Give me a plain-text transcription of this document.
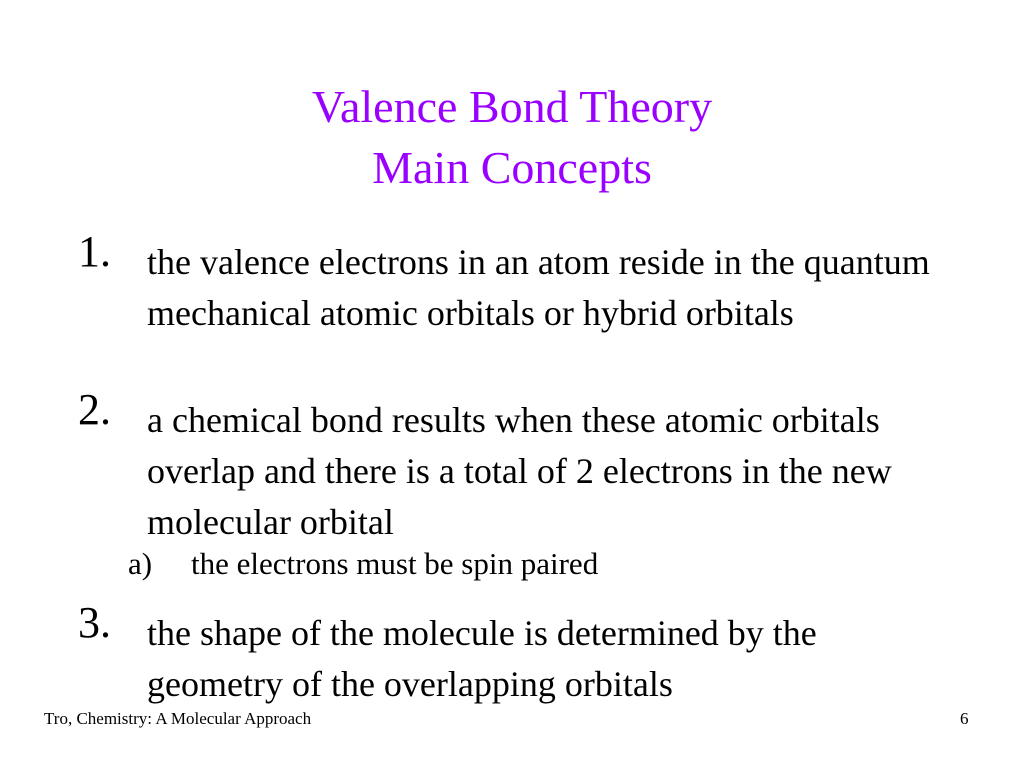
Valence Bond Theory
Main Concepts
1. the valence electrons in an atom reside in the quantum mechanical atomic orbitals or hybrid orbitals
2. a chemical bond results when these atomic orbitals overlap and there is a total of 2 electrons in the new molecular orbital
a) the electrons must be spin paired
3. the shape of the molecule is determined by the geometry of the overlapping orbitals
Tro, Chemistry: A Molecular Approach	6
